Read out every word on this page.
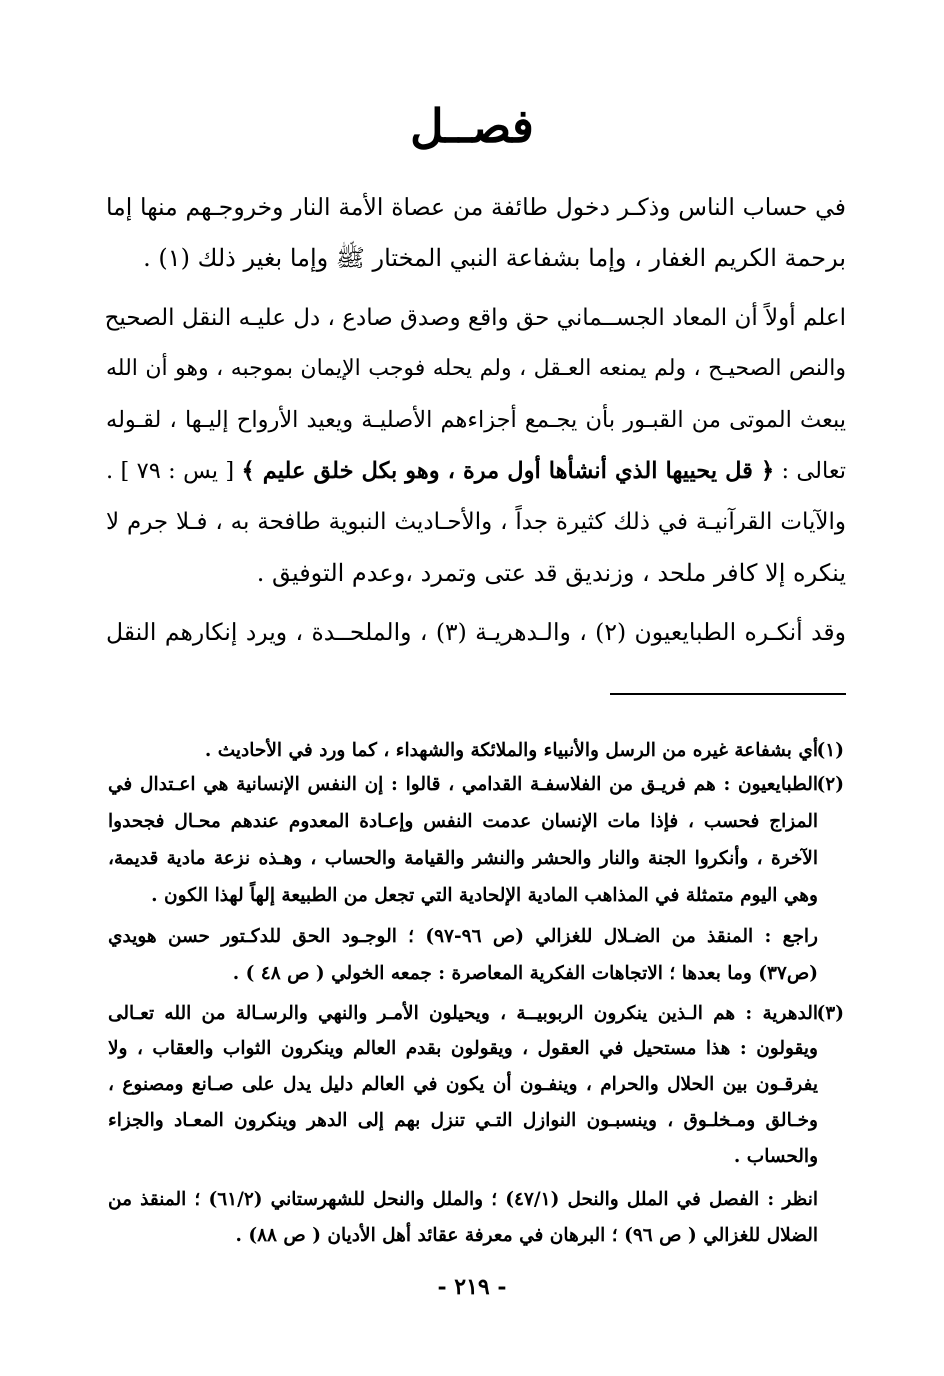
فصــل
في حساب الناس وذكـر دخول طائفة من عصاة الأمة النار وخروجـهم منها إما
برحمة الكريم الغفار ، وإما بشفاعة النبي المختار ﷺ وإما بغير ذلك (١) .
اعلم أولاً أن المعاد الجســماني حق واقع وصدق صادع ، دل عليـه النقل الصحيح
والنص الصحيـح ، ولم يمنعه العـقل ، ولم يحله فوجب الإيمان بموجبه ، وهو أن الله
يبعث الموتى من القبـور بأن يجـمع أجزاءهم الأصليـة ويعيد الأرواح إليـها ، لقـوله
تعالى : ﴿ قل يحييها الذي أنشأها أول مرة ، وهو بكل خلق عليم ﴾ [ يس : ٧٩ ] .
والآيات القرآنيـة في ذلك كثيرة جداً ، والأحـاديث النبوية طافحة به ، فـلا جرم لا
ينكره إلا كافر ملحد ، وزنديق قد عتى وتمرد ،وعدم التوفيق .
وقد أنكـره الطبايعيون (٢) ، والـدهريـة (٣) ، والملحــدة ، ويرد إنكارهم النقل
(١)
أي بشفاعة غيره من الرسل والأنبياء والملائكة والشهداء ، كما ورد في الأحاديث .
(٢)
الطبايعيون : هم فريـق من الفلاسفـة القدامي ، قالوا : إن النفس الإنسانية هي اعـتدال في
المزاج فحسب ، فإذا مات الإنسان عدمت النفس وإعـادة المعدوم عندهم محـال فجحدوا
الآخرة ، وأنكروا الجنة والنار والحشر والنشر والقيامة والحساب ، وهـذه نزعة مادية قديمة،
وهي اليوم متمثلة في المذاهب المادية الإلحادية التي تجعل من الطبيعة إلهاً لهذا الكون .
راجع : المنقذ من الضـلال للغزالي (ص ٩٦-٩٧) ؛ الوجـود الحق للدكـتور حسن هويدي
(ص٣٧) وما بعدها ؛ الاتجاهات الفكرية المعاصرة : جمعه الخولي ( ص ٤٨ ) .
(٣)
الدهرية : هم الـذين ينكرون الربوبيــة ، ويحيلون الأمـر والنهي والرسـالة من الله تعـالى
ويقولون : هذا مستحيل في العقول ، ويقولون بقدم العالم وينكرون الثواب والعقاب ، ولا
يفرقـون بين الحلال والحرام ، وينفـون أن يكون في العالم دليل يدل على صـانع ومصنوع ،
وخـالق ومـخلـوق ، وينسبـون النوازل التـي تنزل بهم إلى الدهر وينكرون المعـاد والجزاء
والحساب .
انظر : الفصل في الملل والنحل (٤٧/١) ؛ والملل والنحل للشهرستاني (٦١/٢) ؛ المنقذ من
الضلال للغزالي ( ص ٩٦) ؛ البرهان في معرفة عقائد أهل الأديان ( ص ٨٨) .
- ٢١٩ -
